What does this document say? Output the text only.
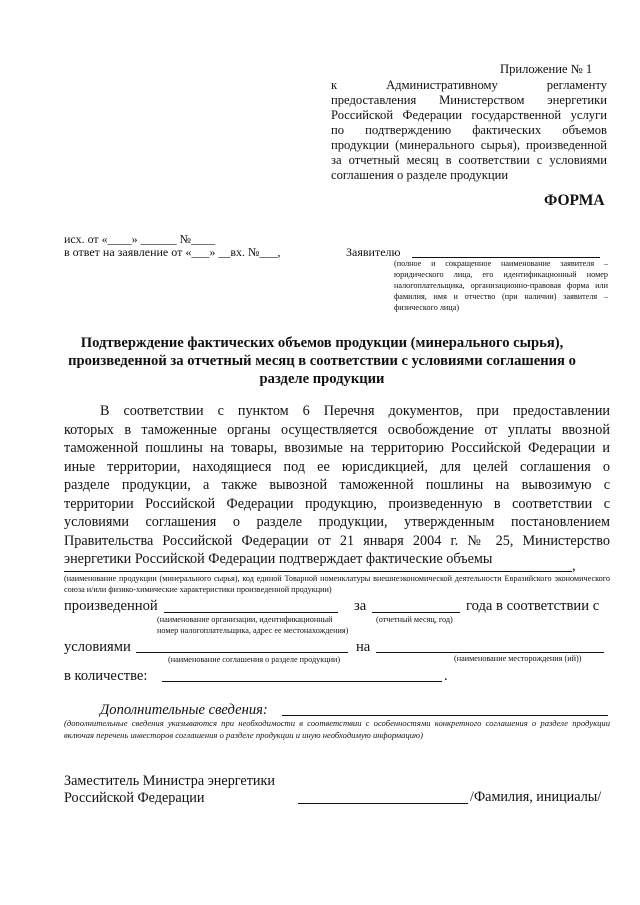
Приложение № 1
к Административному регламенту
предоставления Министерством энергетики
Российской Федерации государственной услуги
по подтверждению фактических объемов
продукции (минерального сырья), произведенной
за отчетный месяц в соответствии с условиями
соглашения о разделе продукции
ФОРМА
исх. от «____» ______ №____
в ответ на заявление от «___» __вх. №___,	Заявителю
(полное и сокращенное наименование заявителя – юридического лица, его идентификационный номер налогоплательщика, организационно-правовая форма или фамилия, имя и отчество (при наличии) заявителя – физического лица)
Подтверждение фактических объемов продукции (минерального сырья), произведенной за отчетный месяц в соответствии с условиями соглашения о разделе продукции
В соответствии с пунктом 6 Перечня документов, при предоставлении
которых в таможенные органы осуществляется освобождение от уплаты ввозной
таможенной пошлины на товары, ввозимые на территорию Российской Федерации и
иные территории, находящиеся под ее юрисдикцией, для целей соглашения о
разделе продукции, а также вывозной таможенной пошлины на вывозимую с
территории Российской Федерации продукцию, произведенную в соответствии с
условиями соглашения о разделе продукции, утвержденным постановлением
Правительства Российской Федерации от 21 января 2004 г. № 25, Министерство
энергетики Российской Федерации подтверждает фактические объемы	,
(наименование продукции (минерального сырья), код единой Товарной номенклатуры внешнеэкономической деятельности Евразийского экономического союза и/или физико-химические характеристики произведенной продукции)
произведенной	за	года в соответствии с
(наименование организации, идентификационный
номер налогоплательщика, адрес ее местонахождения)
(отчетный месяц, год)
условиями	на
(наименование соглашения о разделе продукции)	(наименование месторождения (ий))
в количестве:	.
Дополнительные сведения:
(дополнительные сведения указываются при необходимости в соответствии с особенностями конкретного соглашения о разделе продукции включая перечень инвесторов соглашения о разделе продукции и иную необходимую информацию)
Заместитель Министра энергетики
Российской Федерации	/Фамилия, инициалы/
